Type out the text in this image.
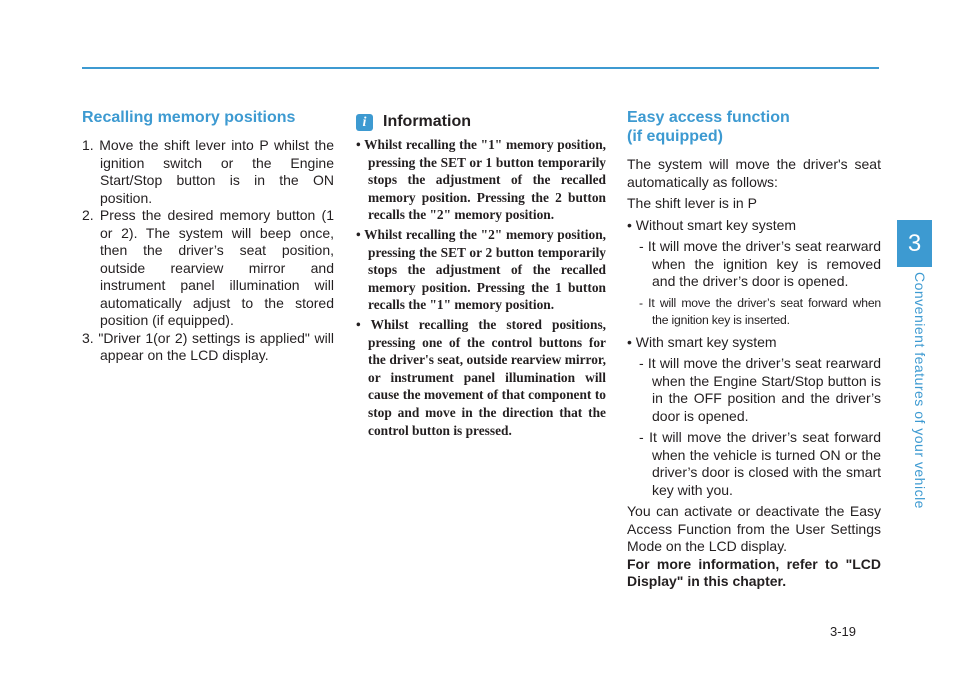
3
Convenient features of your vehicle
Recalling memory positions
1. Move the shift lever into P whilst the ignition switch or the Engine Start/Stop button is in the ON position.
2. Press the desired memory button (1 or 2). The system will beep once, then the driver’s seat position, outside rearview mirror and instrument panel illumination will automatically adjust to the stored position (if equipped).
3. "Driver 1(or 2) settings is applied" will appear on the LCD display.
i	Information
• Whilst recalling the "1" memory position, pressing the SET or 1 button temporarily stops the adjustment of the recalled memory position. Pressing the 2 button recalls the "2" memory position.
• Whilst recalling the "2" memory position, pressing the SET or 2 button temporarily stops the adjustment of the recalled memory position. Pressing the 1 button recalls the "1" memory position.
• Whilst recalling the stored positions, pressing one of the control buttons for the driver's seat, outside rearview mirror, or instrument panel illumination will cause the movement of that component to stop and move in the direction that the control button is pressed.
Easy access function
(if equipped)

The system will move the driver's seat automatically as follows:

The shift lever is in P

• Without smart key system
- It will move the driver’s seat rearward when the ignition key is removed and the driver’s door is opened.
- It will move the driver’s seat forward when the ignition key is inserted.
• With smart key system
- It will move the driver’s seat rearward when the Engine Start/Stop button is in the OFF position and the driver’s door is opened.
- It will move the driver’s seat forward when the vehicle is turned ON or the driver’s door is closed with the smart key with you.

You can activate or deactivate the Easy Access Function from the User Settings Mode on the LCD display.

For more information, refer to "LCD Display" in this chapter.

3-19
